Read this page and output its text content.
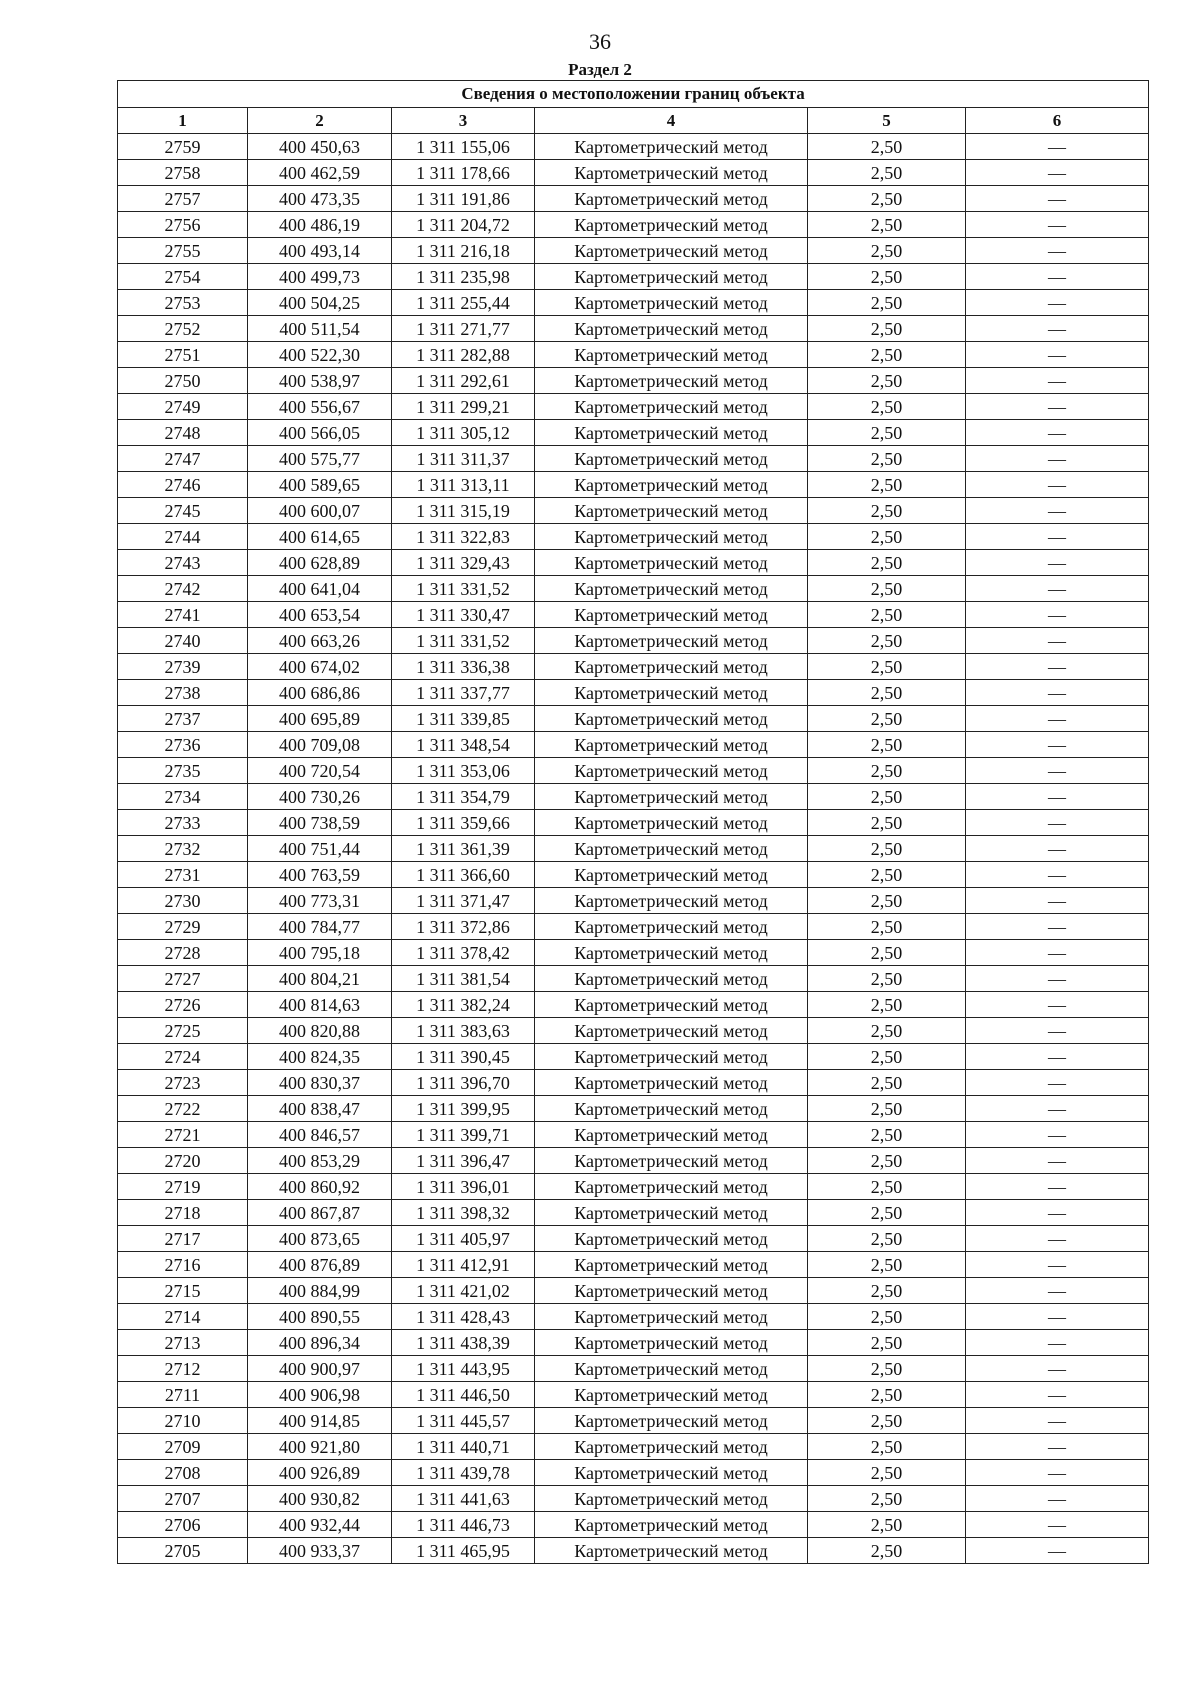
36
Раздел 2
Сведения о местоположении границ объекта					
1	2	3	4	5	6
2759	400 450,63	1 311 155,06	Картометрический метод	2,50	—
2758	400 462,59	1 311 178,66	Картометрический метод	2,50	—
2757	400 473,35	1 311 191,86	Картометрический метод	2,50	—
2756	400 486,19	1 311 204,72	Картометрический метод	2,50	—
2755	400 493,14	1 311 216,18	Картометрический метод	2,50	—
2754	400 499,73	1 311 235,98	Картометрический метод	2,50	—
2753	400 504,25	1 311 255,44	Картометрический метод	2,50	—
2752	400 511,54	1 311 271,77	Картометрический метод	2,50	—
2751	400 522,30	1 311 282,88	Картометрический метод	2,50	—
2750	400 538,97	1 311 292,61	Картометрический метод	2,50	—
2749	400 556,67	1 311 299,21	Картометрический метод	2,50	—
2748	400 566,05	1 311 305,12	Картометрический метод	2,50	—
2747	400 575,77	1 311 311,37	Картометрический метод	2,50	—
2746	400 589,65	1 311 313,11	Картометрический метод	2,50	—
2745	400 600,07	1 311 315,19	Картометрический метод	2,50	—
2744	400 614,65	1 311 322,83	Картометрический метод	2,50	—
2743	400 628,89	1 311 329,43	Картометрический метод	2,50	—
2742	400 641,04	1 311 331,52	Картометрический метод	2,50	—
2741	400 653,54	1 311 330,47	Картометрический метод	2,50	—
2740	400 663,26	1 311 331,52	Картометрический метод	2,50	—
2739	400 674,02	1 311 336,38	Картометрический метод	2,50	—
2738	400 686,86	1 311 337,77	Картометрический метод	2,50	—
2737	400 695,89	1 311 339,85	Картометрический метод	2,50	—
2736	400 709,08	1 311 348,54	Картометрический метод	2,50	—
2735	400 720,54	1 311 353,06	Картометрический метод	2,50	—
2734	400 730,26	1 311 354,79	Картометрический метод	2,50	—
2733	400 738,59	1 311 359,66	Картометрический метод	2,50	—
2732	400 751,44	1 311 361,39	Картометрический метод	2,50	—
2731	400 763,59	1 311 366,60	Картометрический метод	2,50	—
2730	400 773,31	1 311 371,47	Картометрический метод	2,50	—
2729	400 784,77	1 311 372,86	Картометрический метод	2,50	—
2728	400 795,18	1 311 378,42	Картометрический метод	2,50	—
2727	400 804,21	1 311 381,54	Картометрический метод	2,50	—
2726	400 814,63	1 311 382,24	Картометрический метод	2,50	—
2725	400 820,88	1 311 383,63	Картометрический метод	2,50	—
2724	400 824,35	1 311 390,45	Картометрический метод	2,50	—
2723	400 830,37	1 311 396,70	Картометрический метод	2,50	—
2722	400 838,47	1 311 399,95	Картометрический метод	2,50	—
2721	400 846,57	1 311 399,71	Картометрический метод	2,50	—
2720	400 853,29	1 311 396,47	Картометрический метод	2,50	—
2719	400 860,92	1 311 396,01	Картометрический метод	2,50	—
2718	400 867,87	1 311 398,32	Картометрический метод	2,50	—
2717	400 873,65	1 311 405,97	Картометрический метод	2,50	—
2716	400 876,89	1 311 412,91	Картометрический метод	2,50	—
2715	400 884,99	1 311 421,02	Картометрический метод	2,50	—
2714	400 890,55	1 311 428,43	Картометрический метод	2,50	—
2713	400 896,34	1 311 438,39	Картометрический метод	2,50	—
2712	400 900,97	1 311 443,95	Картометрический метод	2,50	—
2711	400 906,98	1 311 446,50	Картометрический метод	2,50	—
2710	400 914,85	1 311 445,57	Картометрический метод	2,50	—
2709	400 921,80	1 311 440,71	Картометрический метод	2,50	—
2708	400 926,89	1 311 439,78	Картометрический метод	2,50	—
2707	400 930,82	1 311 441,63	Картометрический метод	2,50	—
2706	400 932,44	1 311 446,73	Картометрический метод	2,50	—
2705	400 933,37	1 311 465,95	Картометрический метод	2,50	—
